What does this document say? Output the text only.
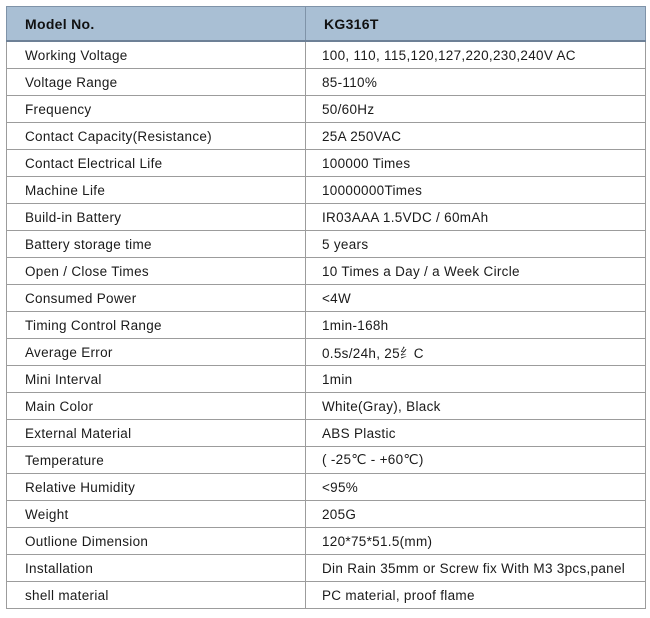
Model No.	KG316T
Working Voltage	100, 110, 115,120,127,220,230,240V AC
Voltage Range	85-110%
Frequency	50/60Hz
Contact Capacity(Resistance)	25A 250VAC
Contact Electrical Life	100000 Times
Machine Life	10000000Times
Build-in Battery	IR03AAA 1.5VDC / 60mAh
Battery storage time	5 years
Open / Close Times	10 Times a Day / a Week Circle
Consumed Power	<4W
Timing Control Range	1min-168h
Average Error	0.5s/24h, 25纟C
Mini Interval	1min
Main Color	White(Gray), Black
External Material	ABS Plastic
Temperature	( -25℃ - +60℃)
Relative Humidity	<95%
Weight	205G
Outlione Dimension	120*75*51.5(mm)
Installation	Din Rain 35mm or Screw fix With M3 3pcs,panel
shell material	PC material, proof flame
